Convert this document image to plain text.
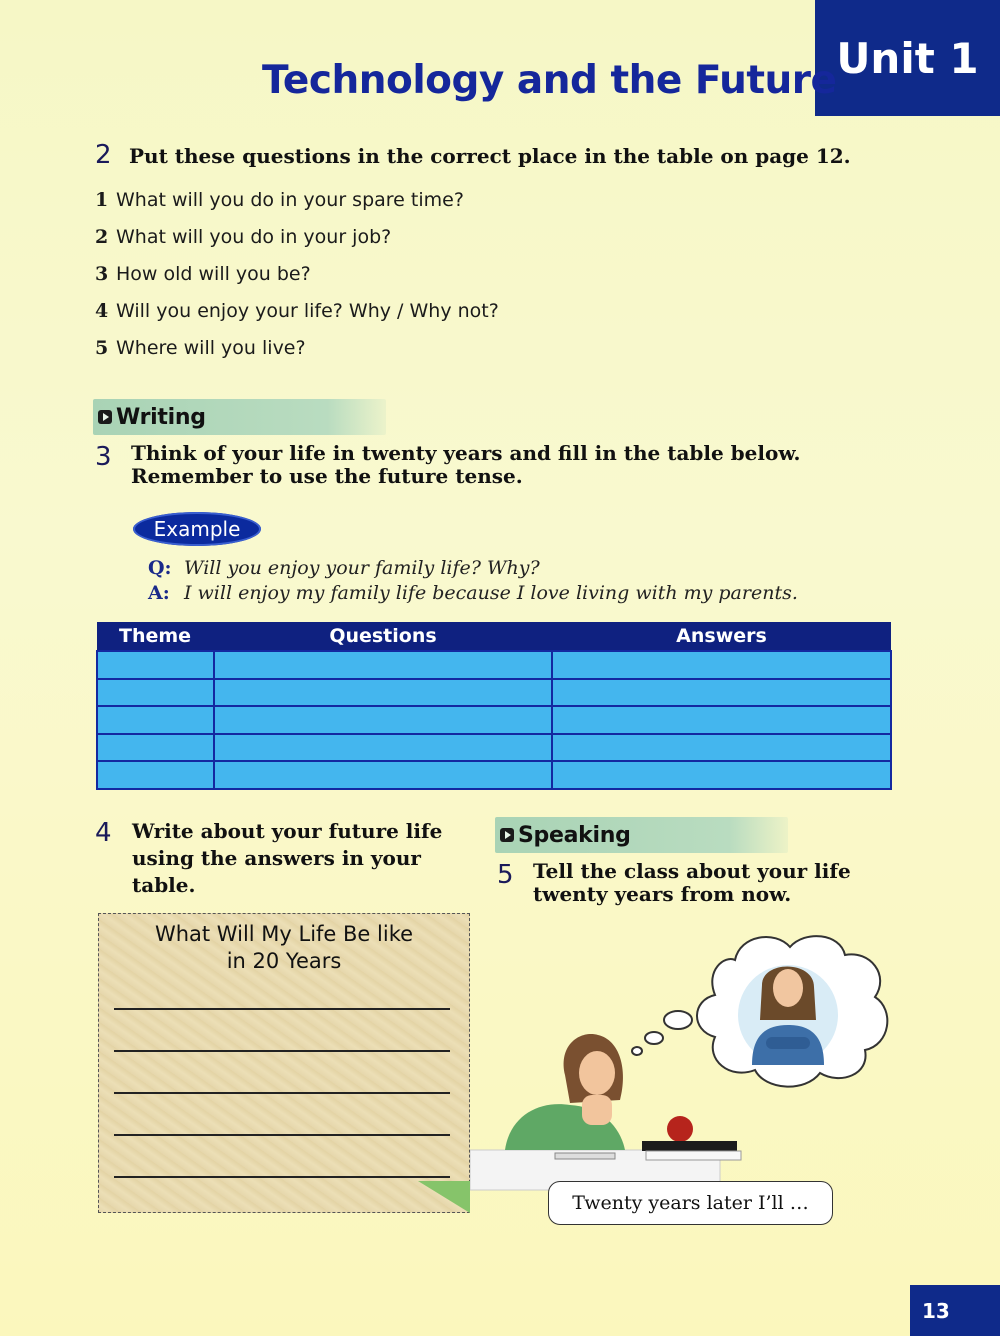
Unit 1
Technology and the Future
2 Put these questions in the correct place in the table on page 12.
1 What will you do in your spare time?
2 What will you do in your job?
3 How old will you be?
4 Will you enjoy your life? Why / Why not?
5 Where will you live?
Writing
3 Think of your life in twenty years and fill in the table below.
Remember to use the future tense.
Example
Q: Will you enjoy your family life? Why?
A: I will enjoy my family life because I love living with my parents.
Theme	Questions	Answers

4	Write about your future life
using the answers in your
table.
What Will My Life Be like
in 20 Years
Speaking
5 Tell the class about your life
twenty years from now.
Twenty years later I’ll …
13
